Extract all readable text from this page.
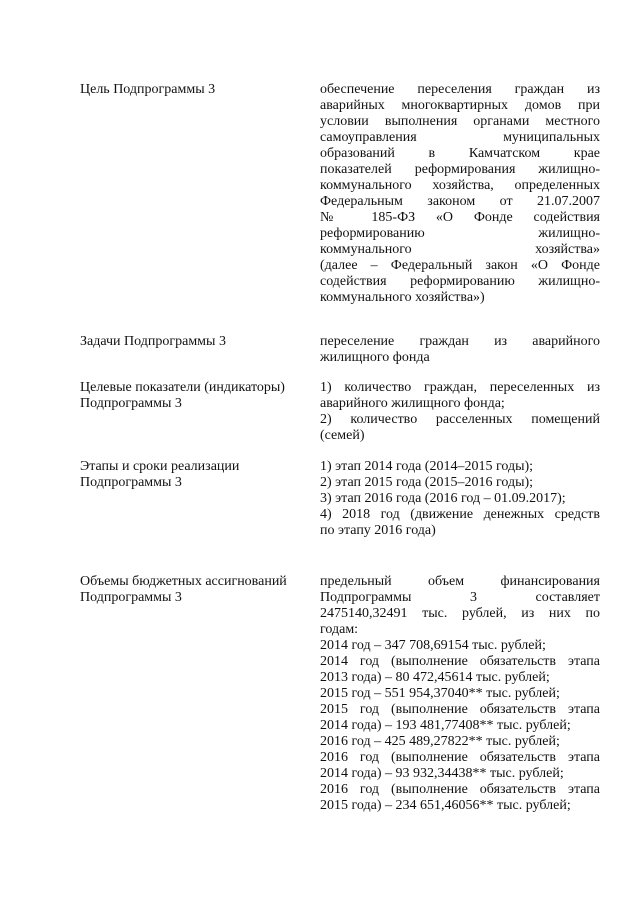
Цель Подпрограммы 3	обеспечение переселения граждан из
аварийных многоквартирных домов при
условии выполнения органами местного
самоуправления муниципальных
образований в Камчатском крае
показателей реформирования жилищно-
коммунального хозяйства, определенных
Федеральным законом от 21.07.2007
№ 185-ФЗ «О Фонде содействия
реформированию жилищно-
коммунального хозяйства»
(далее – Федеральный закон «О Фонде
содействия реформированию жилищно-
коммунального хозяйства»)
Задачи Подпрограммы 3	переселение граждан из аварийного
жилищного фонда
Целевые показатели (индикаторы)
Подпрограммы 3
1) количество граждан, переселенных из
аварийного жилищного фонда;
2) количество расселенных помещений
(семей)
Этапы и сроки реализации
Подпрограммы 3
1) этап 2014 года (2014–2015 годы);
2) этап 2015 года (2015–2016 годы);
3) этап 2016 года (2016 год – 01.09.2017);
4) 2018 год (движение денежных средств
по этапу 2016 года)
Объемы бюджетных ассигнований
Подпрограммы 3
предельный объем финансирования
Подпрограммы 3 составляет
2475140,32491 тыс. рублей, из них по
годам:
2014 год – 347 708,69154 тыс. рублей;
2014 год (выполнение обязательств этапа
2013 года) – 80 472,45614 тыс. рублей;
2015 год – 551 954,37040** тыс. рублей;
2015 год (выполнение обязательств этапа
2014 года) – 193 481,77408** тыс. рублей;
2016 год – 425 489,27822** тыс. рублей;
2016 год (выполнение обязательств этапа
2014 года) – 93 932,34438** тыс. рублей;
2016 год (выполнение обязательств этапа
2015 года) – 234 651,46056** тыс. рублей;
